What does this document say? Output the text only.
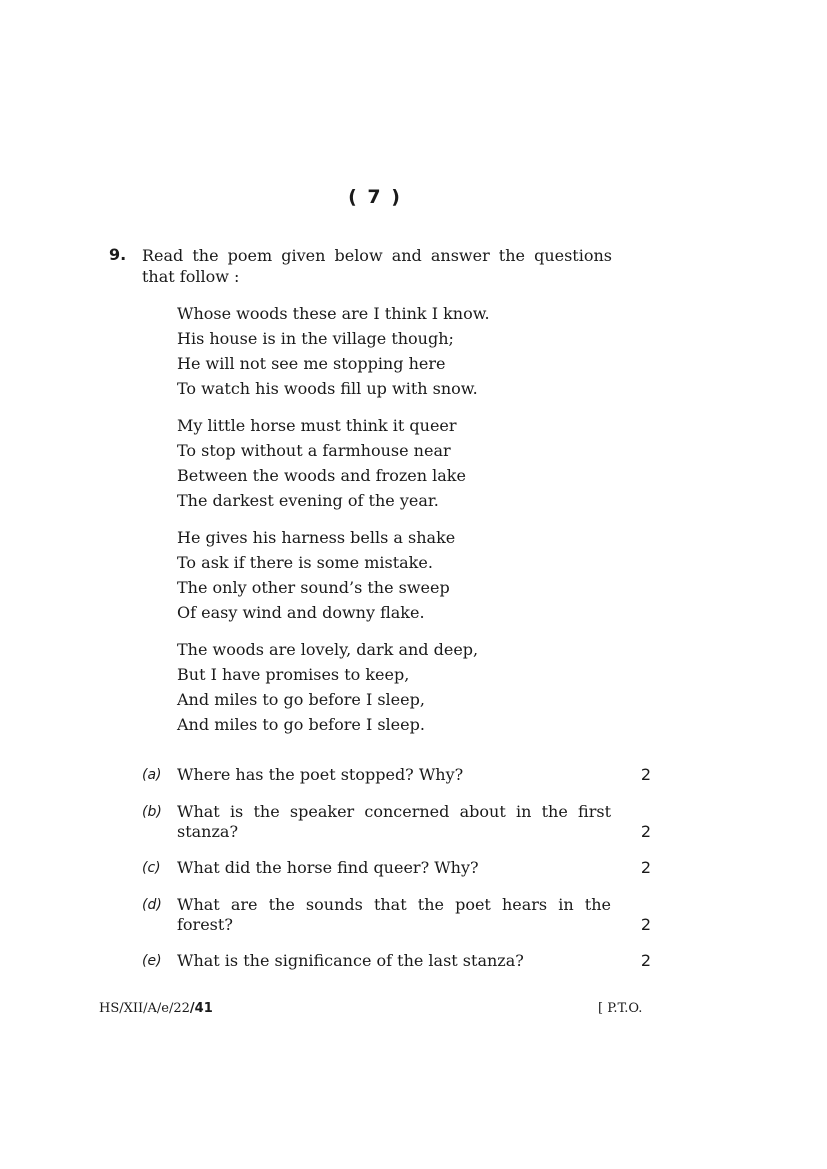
( 7 )
9. Read the poem given below and answer the questions that follow :
Whose woods these are I think I know.
His house is in the village though;
He will not see me stopping here
To watch his woods fill up with snow.
My little horse must think it queer
To stop without a farmhouse near
Between the woods and frozen lake
The darkest evening of the year.
He gives his harness bells a shake
To ask if there is some mistake.
The only other sound’s the sweep
Of easy wind and downy flake.
The woods are lovely, dark and deep,
But I have promises to keep,
And miles to go before I sleep,
And miles to go before I sleep.
(a) Where has the poet stopped? Why?	2
(b) What is the speaker concerned about in the first stanza?	2
(c) What did the horse find queer? Why?	2
(d) What are the sounds that the poet hears in the forest?	2
(e) What is the significance of the last stanza?	2
HS/XII/A/e/22/41	[ P.T.O.
